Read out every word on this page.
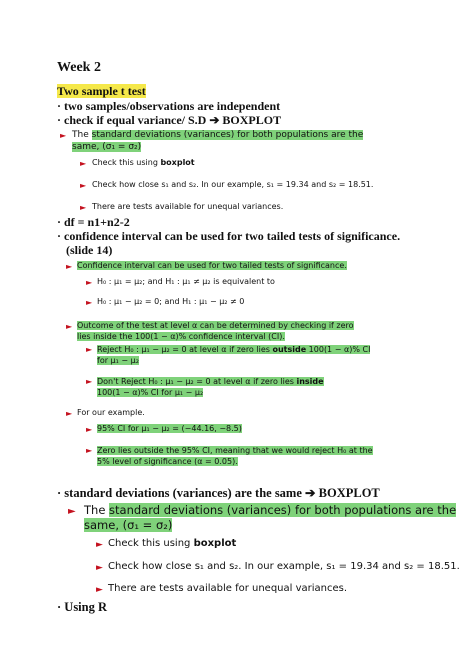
Week 2
Two sample t test
· two samples/observations are independent
· check if equal variance/ S.D ➔ BOXPLOT
► The standard deviations (variances) for both populations are the
same, (σ₁ = σ₂)
► Check this using boxplot
► Check how close s₁ and s₂. In our example, s₁ = 19.34 and s₂ = 18.51.
► There are tests available for unequal variances.
· df = n1+n2-2
· confidence interval can be used for two tailed tests of significance.
(slide 14)
► Confidence interval can be used for two tailed tests of significance.
► H₀ : μ₁ = μ₂; and H₁ : μ₁ ≠ μ₂ is equivalent to
► H₀ : μ₁ − μ₂ = 0; and H₁ : μ₁ − μ₂ ≠ 0
► Outcome of the test at level α can be determined by checking if zero
lies inside the 100(1 − α)% confidence interval (CI).
► Reject H₀ : μ₁ − μ₂ = 0 at level α if zero lies outside 100(1 − α)% CI
for μ₁ − μ₂
► Don't Reject H₀ : μ₁ − μ₂ = 0 at level α if zero lies inside
100(1 − α)% CI for μ₁ − μ₂
► For our example.
► 95% CI for μ₁ − μ₂ = (−44.16, −8.5)
► Zero lies outside the 95% CI, meaning that we would reject H₀ at the
5% level of significance (α = 0.05).
· standard deviations (variances) are the same ➔ BOXPLOT
► The standard deviations (variances) for both populations are the
same, (σ₁ = σ₂)
► Check this using boxplot
► Check how close s₁ and s₂. In our example, s₁ = 19.34 and s₂ = 18.51.
► There are tests available for unequal variances.
· Using R
